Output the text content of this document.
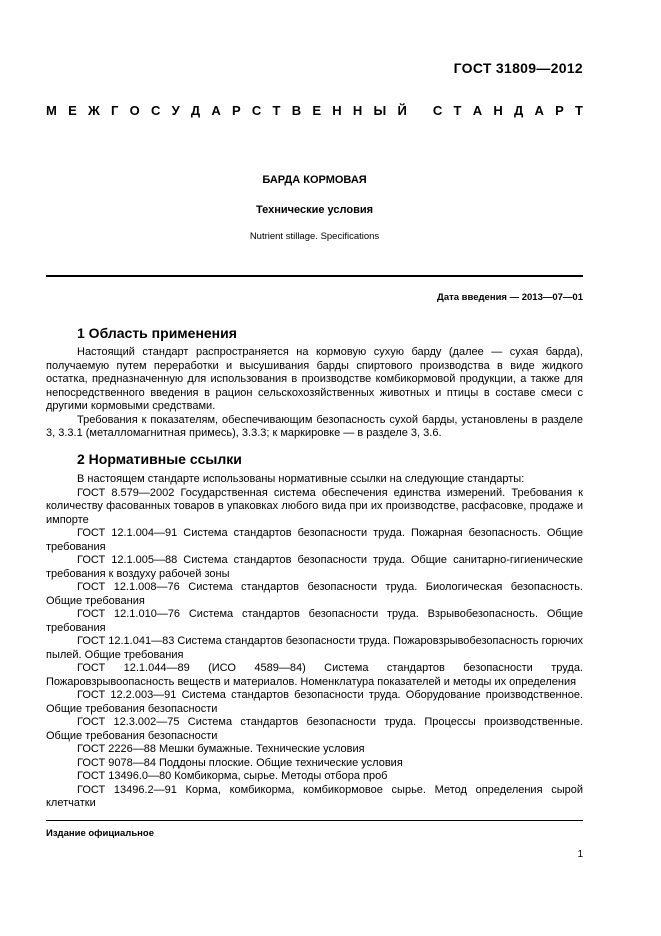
ГОСТ 31809—2012
М Е Ж Г О С У Д А Р С Т В Е Н Н Ы Й
С Т А Н Д А Р Т
БАРДА КОРМОВАЯ
Технические условия
Nutrient stillage. Specifications
Дата введения — 2013—07—01
1 Область применения

Настоящий стандарт распространяется на кормовую сухую барду (далее — сухая барда), получаемую путем переработки и высушивания барды спиртового производства в виде жидкого остатка, предназначенную для использования в производстве комбикормовой продукции, а также для непосредственного введения в рацион сельскохозяйственных животных и птицы в составе смеси с другими кормовыми средствами.

Требования к показателям, обеспечивающим безопасность сухой барды, установлены в разделе 3, 3.3.1 (металломагнитная примесь), 3.3.3; к маркировке — в разделе 3, 3.6.

2 Нормативные ссылки

В настоящем стандарте использованы нормативные ссылки на следующие стандарты:

ГОСТ 8.579—2002 Государственная система обеспечения единства измерений. Требования к количеству фасованных товаров в упаковках любого вида при их производстве, расфасовке, продаже и импорте

ГОСТ 12.1.004—91 Система стандартов безопасности труда. Пожарная безопасность. Общие требования

ГОСТ 12.1.005—88 Система стандартов безопасности труда. Общие санитарно-гигиенические требования к воздуху рабочей зоны

ГОСТ 12.1.008—76 Система стандартов безопасности труда. Биологическая безопасность. Общие требования

ГОСТ 12.1.010—76 Система стандартов безопасности труда. Взрывобезопасность. Общие требования

ГОСТ 12.1.041—83 Система стандартов безопасности труда. Пожаровзрывобезопасность горючих пылей. Общие требования

ГОСТ 12.1.044—89 (ИСО 4589—84) Система стандартов безопасности труда. Пожаровзрывоопасность веществ и материалов. Номенклатура показателей и методы их определения

ГОСТ 12.2.003—91 Система стандартов безопасности труда. Оборудование производственное. Общие требования безопасности

ГОСТ 12.3.002—75 Система стандартов безопасности труда. Процессы производственные. Общие требования безопасности

ГОСТ 2226—88 Мешки бумажные. Технические условия

ГОСТ 9078—84 Поддоны плоские. Общие технические условия

ГОСТ 13496.0—80 Комбикорма, сырье. Методы отбора проб

ГОСТ 13496.2—91 Корма, комбикорма, комбикормовое сырье. Метод определения сырой клетчатки

Издание официальное
1
